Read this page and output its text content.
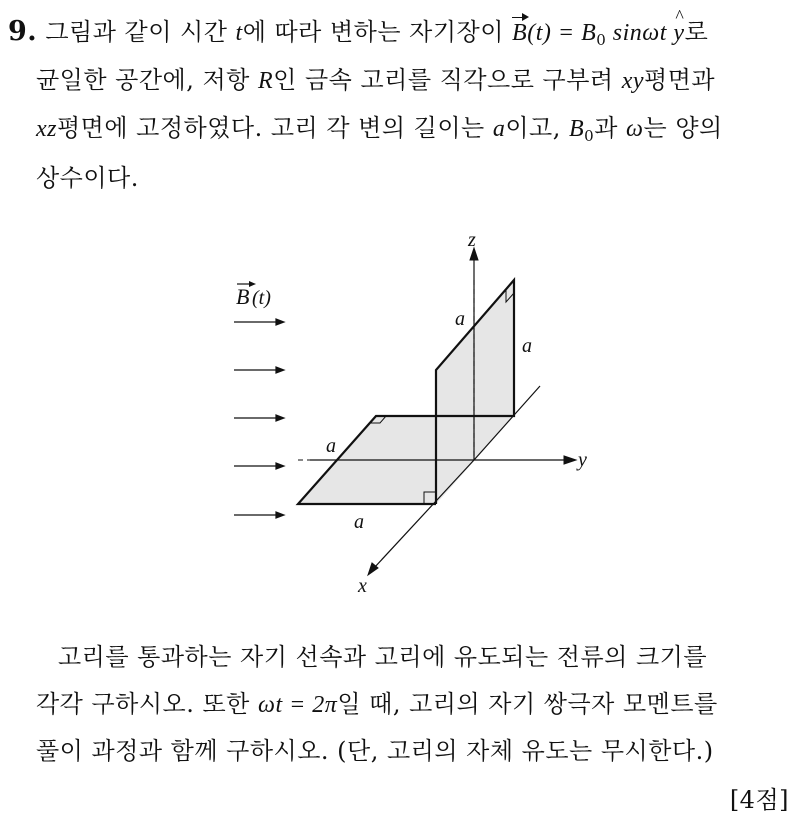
9. 그림과 같이 시간 t에 따라 변하는 자기장이 $B(t) = B_0$ sinωt ^ y로
균일한 공간에, 저항 R인 금속 고리를 직각으로 구부려 xy평면과
xz평면에 고정하였다. 고리 각 변의 길이는 a이고, $B_0$과 ω는 양의
상수이다.
B (t)
z
y
x
a
a
a
a
고리를 통과하는 자기 선속과 고리에 유도되는 전류의 크기를
각각 구하시오. 또한 ωt = 2π일 때, 고리의 자기 쌍극자 모멘트를
풀이 과정과 함께 구하시오. (단, 고리의 자체 유도는 무시한다.)
[4점]
